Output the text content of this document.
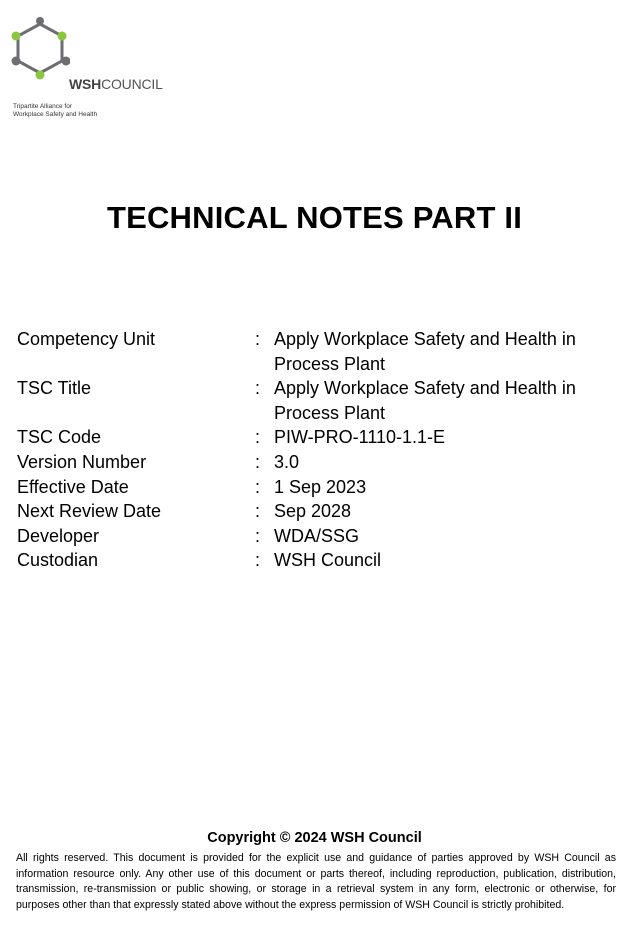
WSHCOUNCIL
Tripartite Alliance for
Workplace Safety and Health
TECHNICAL NOTES PART II
Competency Unit	: Apply Workplace Safety and Health in Process Plant
TSC Title	: Apply Workplace Safety and Health in Process Plant
TSC Code	: PIW-PRO-1110-1.1-E
Version Number	: 3.0
Effective Date	: 1 Sep 2023
Next Review Date	: Sep 2028
Developer	: WDA/SSG
Custodian	: WSH Council
Copyright © 2024 WSH Council
All rights reserved. This document is provided for the explicit use and guidance of parties approved by WSH Council as information resource only. Any other use of this document or parts thereof, including reproduction, publication, distribution, transmission, re-transmission or public showing, or storage in a retrieval system in any form, electronic or otherwise, for purposes other than that expressly stated above without the express permission of WSH Council is strictly prohibited.
